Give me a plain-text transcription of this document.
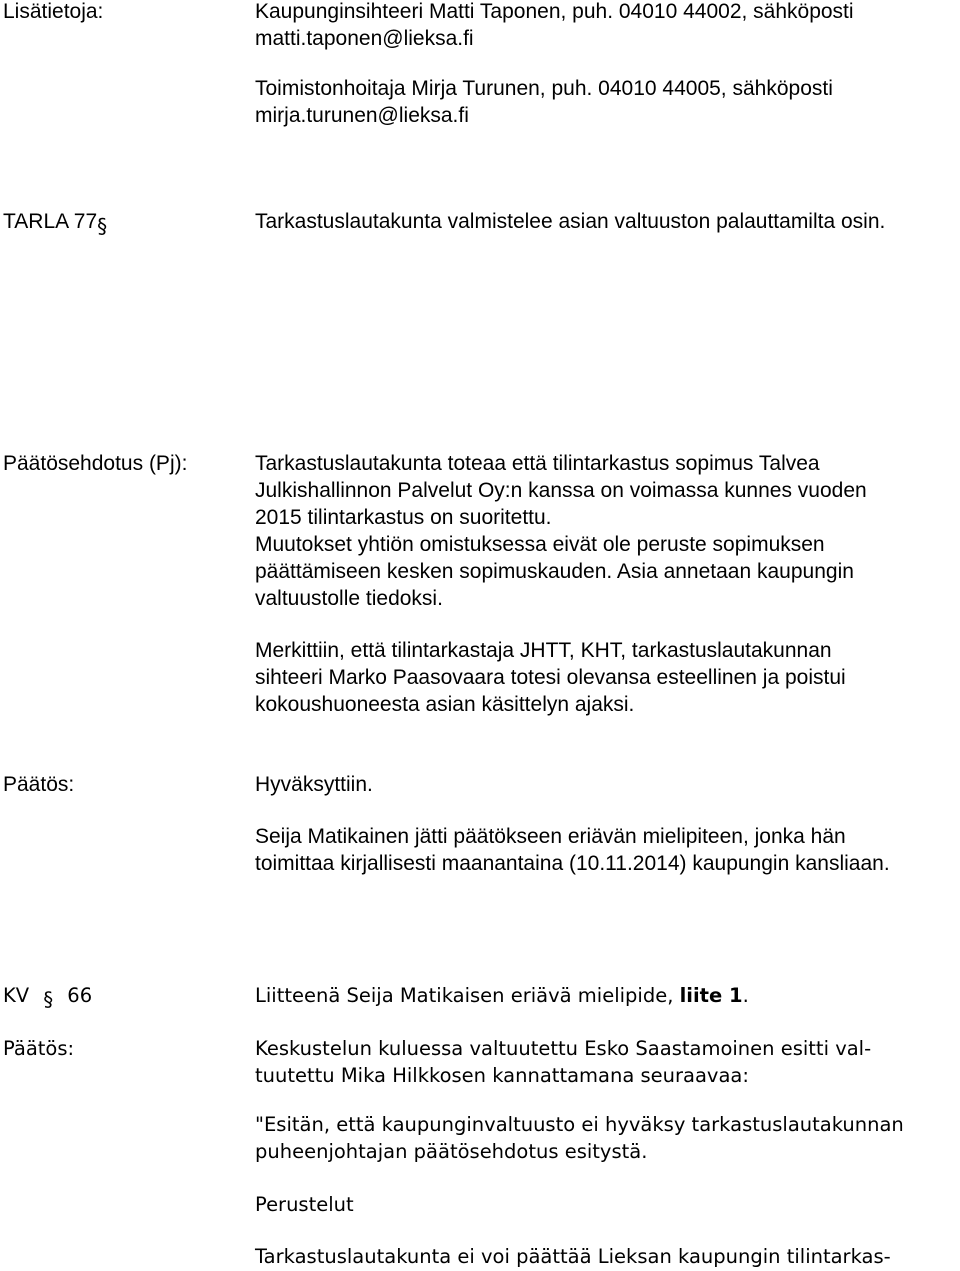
Lisätietoja:	Kaupunginsihteeri Matti Taponen, puh. 04010 44002, sähköposti
matti.taponen@lieksa.fi
Toimistonhoitaja Mirja Turunen, puh. 04010 44005, sähköposti
mirja.turunen@lieksa.fi
TARLA 77§	Tarkastuslautakunta valmistelee asian valtuuston palauttamilta osin.
Päätösehdotus (Pj):	Tarkastuslautakunta toteaa että tilintarkastus sopimus Talvea
Julkishallinnon Palvelut Oy:n kanssa on voimassa kunnes vuoden
2015 tilintarkastus on suoritettu.
Muutokset yhtiön omistuksessa eivät ole peruste sopimuksen
päättämiseen kesken sopimuskauden. Asia annetaan kaupungin
valtuustolle tiedoksi.
Merkittiin, että tilintarkastaja JHTT, KHT, tarkastuslautakunnan
sihteeri Marko Paasovaara totesi olevansa esteellinen ja poistui
kokoushuoneesta asian käsittelyn ajaksi.
Päätös:	Hyväksyttiin.
Seija Matikainen jätti päätökseen eriävän mielipiteen, jonka hän
toimittaa kirjallisesti maanantaina (10.11.2014) kaupungin kansliaan.
KV § 66	Liitteenä Seija Matikaisen eriävä mielipide, liite 1.
Päätös:	Keskustelun kuluessa valtuutettu Esko Saastamoinen esitti val-
tuutettu Mika Hilkkosen kannattamana seuraavaa:
"Esitän, että kaupunginvaltuusto ei hyväksy tarkastuslautakunnan
puheenjohtajan päätösehdotus esitystä.
Perustelut
Tarkastuslautakunta ei voi päättää Lieksan kaupungin tilintarkas-
